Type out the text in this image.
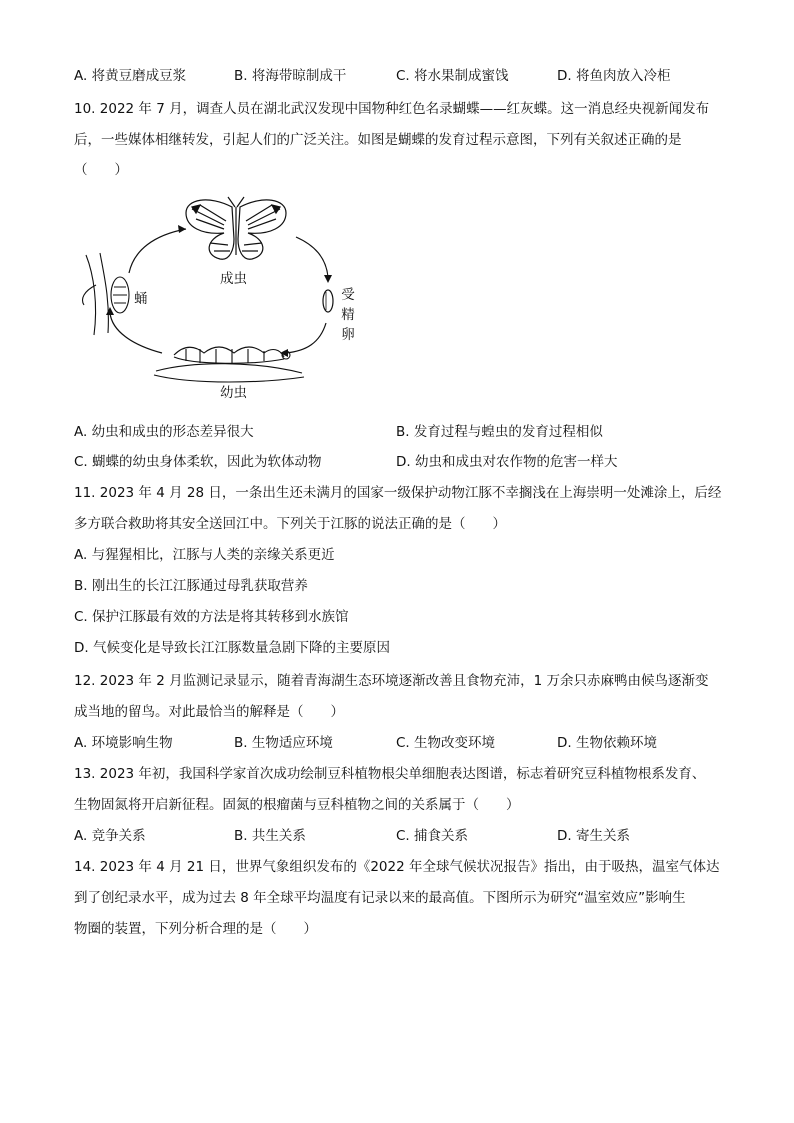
A. 将黄豆磨成豆浆	B. 将海带晾制成干	C. 将水果制成蜜饯	D. 将鱼肉放入冷柜
10. 2022 年 7 月，调查人员在湖北武汉发现中国物种红色名录蝴蝶——红灰蝶。这一消息经央视新闻发布
后，一些媒体相继转发，引起人们的广泛关注。如图是蝴蝶的发育过程示意图，下列有关叙述正确的是
（　　）
成虫
蛹	受精卵
幼虫
A. 幼虫和成虫的形态差异很大	B. 发育过程与蝗虫的发育过程相似
C. 蝴蝶的幼虫身体柔软，因此为软体动物	D. 幼虫和成虫对农作物的危害一样大
11. 2023 年 4 月 28 日，一条出生还未满月的国家一级保护动物江豚不幸搁浅在上海崇明一处滩涂上，后经
多方联合救助将其安全送回江中。下列关于江豚的说法正确的是（　　）
A. 与猩猩相比，江豚与人类的亲缘关系更近
B. 刚出生的长江江豚通过母乳获取营养
C. 保护江豚最有效的方法是将其转移到水族馆
D. 气候变化是导致长江江豚数量急剧下降的主要原因
12. 2023 年 2 月监测记录显示，随着青海湖生态环境逐渐改善且食物充沛，1 万余只赤麻鸭由候鸟逐渐变
成当地的留鸟。对此最恰当的解释是（　　）
A. 环境影响生物	B. 生物适应环境	C. 生物改变环境	D. 生物依赖环境
13. 2023 年初，我国科学家首次成功绘制豆科植物根尖单细胞表达图谱，标志着研究豆科植物根系发育、
生物固氮将开启新征程。固氮的根瘤菌与豆科植物之间的关系属于（　　）
A. 竞争关系	B. 共生关系	C. 捕食关系	D. 寄生关系
14. 2023 年 4 月 21 日，世界气象组织发布的《2022 年全球气候状况报告》指出，由于吸热，温室气体达
到了创纪录水平，成为过去 8 年全球平均温度有记录以来的最高值。下图所示为研究“温室效应”影响生
物圈的装置，下列分析合理的是（　　）
